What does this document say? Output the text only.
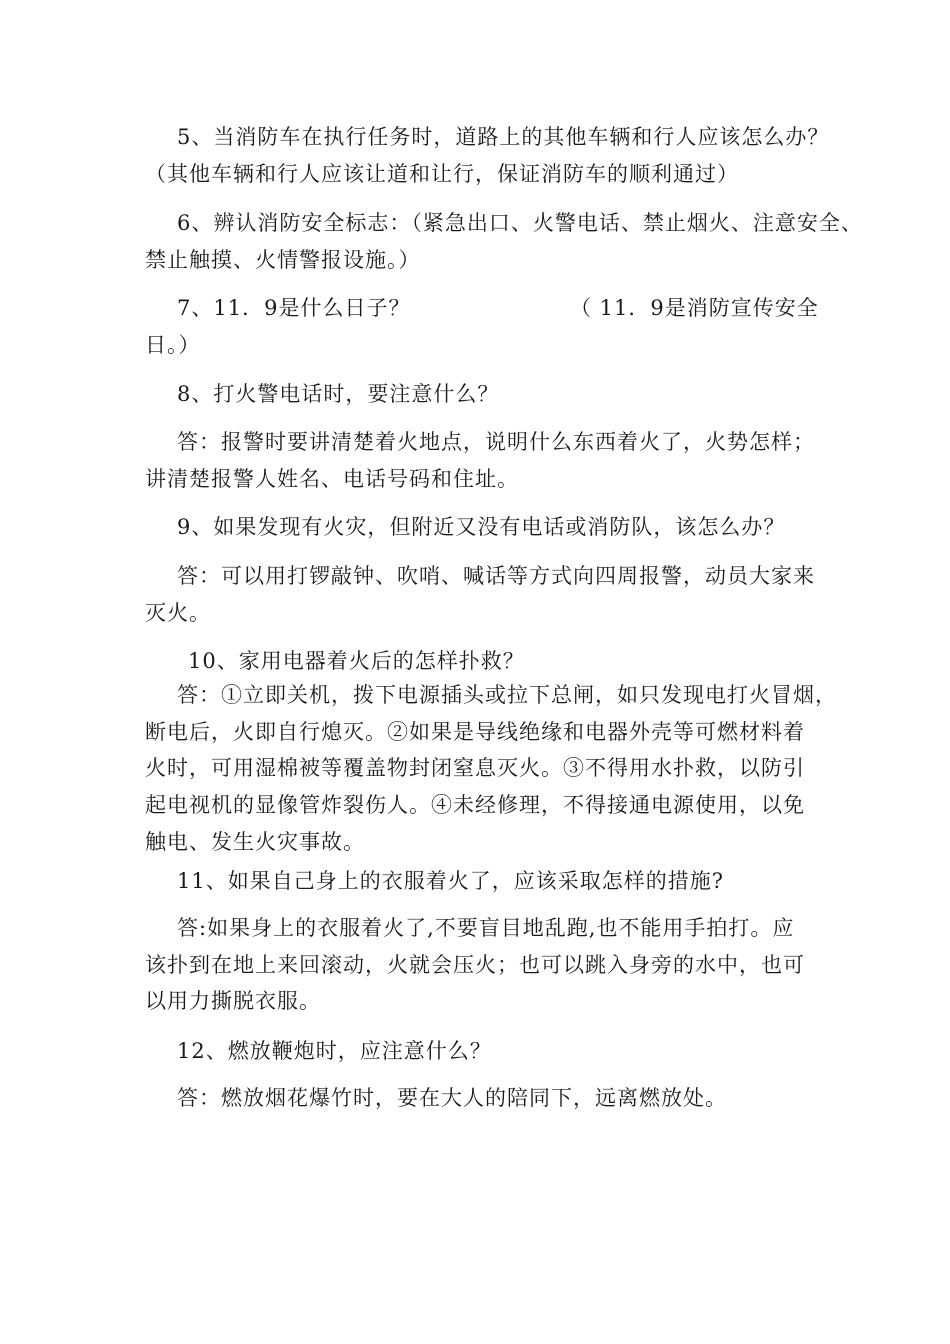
5、当消防车在执行任务时，道路上的其他车辆和行人应该怎么办？
（其他车辆和行人应该让道和让行，保证消防车的顺利通过）
6、辨认消防安全标志：（紧急出口、火警电话、禁止烟火、注意安全、
禁止触摸、火情警报设施。）
7、11．9是什么日子？	（ 11．9是消防宣传安全
日。）
8、打火警电话时，要注意什么？
答：报警时要讲清楚着火地点，说明什么东西着火了，火势怎样；
讲清楚报警人姓名、电话号码和住址。
9、如果发现有火灾，但附近又没有电话或消防队，该怎么办？
答：可以用打锣敲钟、吹哨、喊话等方式向四周报警，动员大家来
灭火。
10、家用电器着火后的怎样扑救？
答：①立即关机，拨下电源插头或拉下总闸，如只发现电打火冒烟，
断电后，火即自行熄灭。②如果是导线绝缘和电器外壳等可燃材料着
火时，可用湿棉被等覆盖物封闭窒息灭火。③不得用水扑救，以防引
起电视机的显像管炸裂伤人。④未经修理，不得接通电源使用，以免
触电、发生火灾事故。
11、如果自己身上的衣服着火了，应该采取怎样的措施?
答:如果身上的衣服着火了,不要盲目地乱跑,也不能用手拍打。应
该扑到在地上来回滚动，火就会压火；也可以跳入身旁的水中，也可
以用力撕脱衣服。
12、燃放鞭炮时，应注意什么？
答：燃放烟花爆竹时，要在大人的陪同下，远离燃放处。
